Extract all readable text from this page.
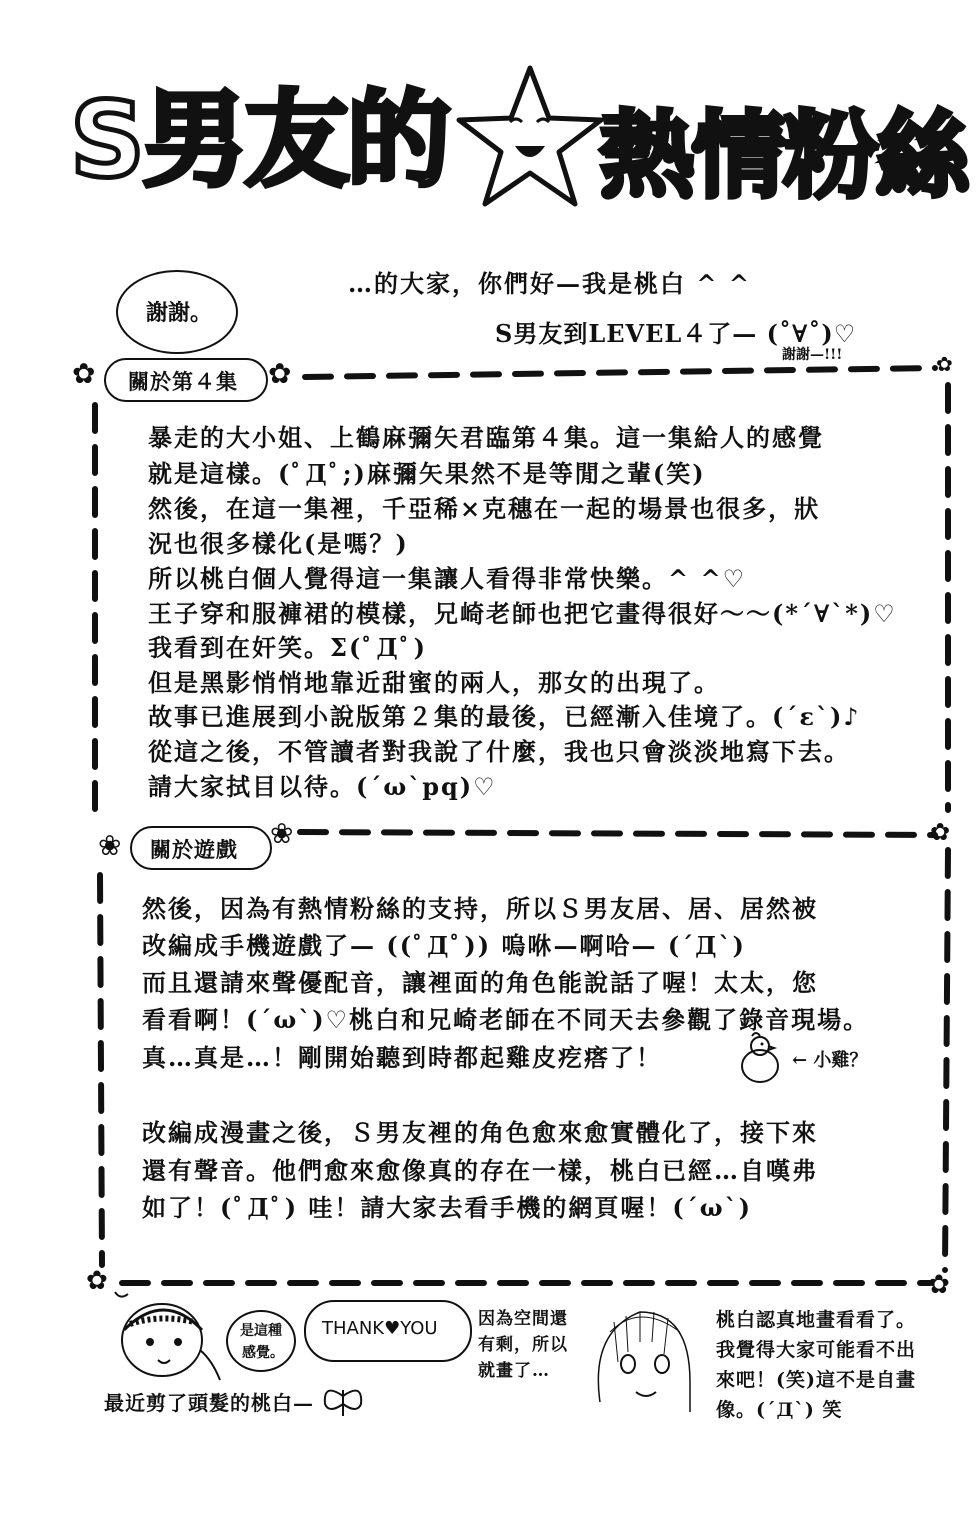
S男友的 熱情粉絲
謝謝。
…的大家，你們好—我是桃白 ^ ^
S男友到LEVEL４了— (˚∀˚)♡
謝謝—!!!
✿ 關於第４集 ✿	✿
暴走的大小姐、上鶴麻彌矢君臨第４集。這一集給人的感覺
就是這樣。(ﾟДﾟ;)麻彌矢果然不是等閒之輩(笑)
然後，在這一集裡，千亞稀×克穗在一起的場景也很多，狀
況也很多樣化(是嗎？)
所以桃白個人覺得這一集讓人看得非常快樂。^ ^♡
王子穿和服褲裙的模樣，兄崎老師也把它畫得很好～～(*´∀`*)♡
我看到在奸笑。Σ(ﾟДﾟ)
但是黑影悄悄地靠近甜蜜的兩人，那女的出現了。
故事已進展到小說版第２集的最後，已經漸入佳境了。(´ε`)♪
從這之後，不管讀者對我說了什麼，我也只會淡淡地寫下去。
請大家拭目以待。(´ω`pq)♡
❀ 關於遊戲 ❀	✿
然後，因為有熱情粉絲的支持，所以Ｓ男友居、居、居然被
改編成手機遊戲了— ((ﾟДﾟ)) 嗚咻—啊哈— (´Д`)
而且還請來聲優配音，讓裡面的角色能說話了喔！太太，您
看看啊！(´ω`)♡桃白和兄崎老師在不同天去參觀了錄音現場。
真…真是…！剛開始聽到時都起雞皮疙瘩了！	← 小雞？
改編成漫畫之後，Ｓ男友裡的角色愈來愈實體化了，接下來
還有聲音。他們愈來愈像真的存在一樣，桃白已經…自嘆弗
如了！(ﾟДﾟ) 哇！請大家去看手機的網頁喔！(´ω`)
✿	✿
是這種
感覺。
THANK♥YOU 因為空間還
有剩，所以
就畫了…
桃白認真地畫看看了。
我覺得大家可能看不出
來吧！(笑)這不是自畫
像。(´Д`) 笑
最近剪了頭髮的桃白—
